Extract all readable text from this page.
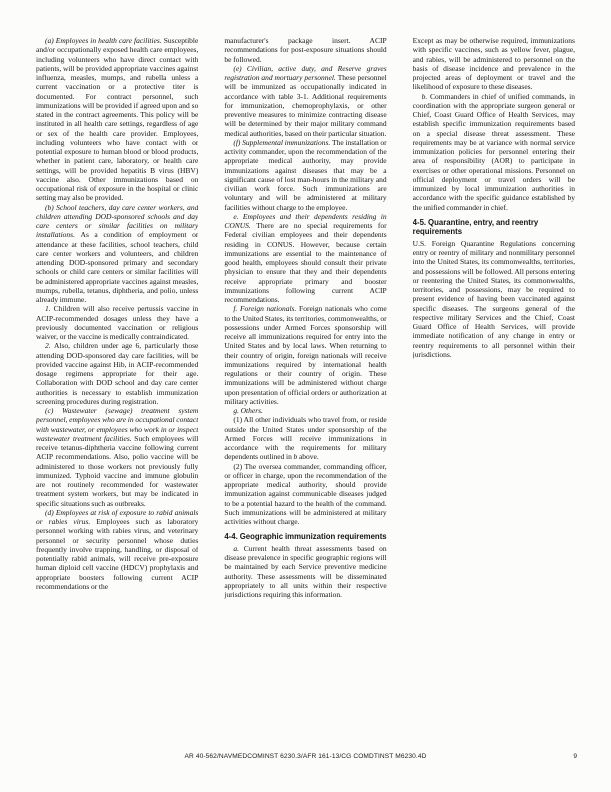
(a) Employees in health care facilities. Susceptible and/or occupationally exposed health care employees, including volunteers who have direct contact with patients, will be provided appropriate vaccines against influenza, measles, mumps, and rubella unless a current vaccination or a protective titer is documented. For contract personnel, such immunizations will be provided if agreed upon and so stated in the contract agreements. This policy will be instituted in all health care settings, regardless of age or sex of the health care provider. Employees, including volunteers who have contact with or potential exposure to human blood or blood products, whether in patient care, laboratory, or health care settings, will be provided hepatitis B virus (HBV) vaccine also. Other immunizations based on occupational risk of exposure in the hospital or clinic setting may also be provided.

(b) School teachers, day care center workers, and children attending DOD-sponsored schools and day care centers or similar facilities on military installations. As a condition of employment or attendance at these facilities, school teachers, child care center workers and volunteers, and children attending DOD-sponsored primary and secondary schools or child care centers or similar facilities will be administered appropriate vaccines against measles, mumps, rubella, tetanus, diphtheria, and polio, unless already immune.

1. Children will also receive pertussis vaccine in ACIP-recommended dosages unless they have a previously documented vaccination or religious waiver, or the vaccine is medically contraindicated.

2. Also, children under age 6, particularly those attending DOD-sponsored day care facilities, will be provided vaccine against Hib, in ACIP-recommended dosage regimens appropriate for their age. Collaboration with DOD school and day care center authorities is necessary to establish immunization screening procedures during registration.

(c) Wastewater (sewage) treatment system personnel, employees who are in occupational contact with wastewater, or employees who work in or inspect wastewater treatment facilities. Such employees will receive tetanus-diphtheria vaccine following current ACIP recommendations. Also, polio vaccine will be administered to those workers not previously fully immunized. Typhoid vaccine and immune globulin are not routinely recommended for wastewater treatment system workers, but may be indicated in specific situations such as outbreaks.

(d) Employees at risk of exposure to rabid animals or rabies virus. Employees such as laboratory personnel working with rabies virus, and veterinary personnel or security personnel whose duties frequently involve trapping, handling, or disposal of potentially rabid animals, will receive pre-exposure human diploid cell vaccine (HDCV) prophylaxis and appropriate boosters following current ACIP recommendations or the

manufacturer's package insert. ACIP recommendations for post-exposure situations should be followed.

(e) Civilian, active duty, and Reserve graves registration and mortuary personnel. These personnel will be immunized as occupationally indicated in accordance with table 3-1. Additional requirements for immunization, chemoprophylaxis, or other preventive measures to minimize contracting disease will be determined by their major military command medical authorities, based on their particular situation.

(f) Supplemental immunizations. The installation or activity commander, upon the recommendation of the appropriate medical authority, may provide immunizations against diseases that may be a significant cause of lost man-hours in the military and civilian work force. Such immunizations are voluntary and will be administered at military facilities without charge to the employee.

e. Employees and their dependents residing in CONUS. There are no special requirements for Federal civilian employees and their dependents residing in CONUS. However, because certain immunizations are essential to the maintenance of good health, employees should consult their private physician to ensure that they and their dependents receive appropriate primary and booster immunizations following current ACIP recommendations.

f. Foreign nationals. Foreign nationals who come to the United States, its territories, commonwealths, or possessions under Armed Forces sponsorship will receive all immunizations required for entry into the United States and by local laws. When returning to their country of origin, foreign nationals will receive immunizations required by international health regulations or their country of origin. These immunizations will be administered without charge upon presentation of official orders or authorization at military activities.

g. Others.

(1) All other individuals who travel from, or reside outside the United States under sponsorship of the Armed Forces will receive immunizations in accordance with the requirements for military dependents outlined in b above.

(2) The oversea commander, commanding officer, or officer in charge, upon the recommendation of the appropriate medical authority, should provide immunization against communicable diseases judged to be a potential hazard to the health of the command. Such immunizations will be administered at military activities without charge.

4-4. Geographic immunization requirements

a. Current health threat assessments based on disease prevalence in specific geographic regions will be maintained by each Service preventive medicine authority. These assessments will be disseminated appropriately to all units within their respective jurisdictions requiring this information.

Except as may be otherwise required, immunizations with specific vaccines, such as yellow fever, plague, and rabies, will be administered to personnel on the basis of disease incidence and prevalence in the projected areas of deployment or travel and the likelihood of exposure to these diseases.

b. Commanders in chief of unified commands, in coordination with the appropriate surgeon general or Chief, Coast Guard Office of Health Services, may establish specific immunization requirements based on a special disease threat assessment. These requirements may be at variance with normal service immunization policies for personnel entering their area of responsibility (AOR) to participate in exercises or other operational missions. Personnel on official deployment or travel orders will be immunized by local immunization authorities in accordance with the specific guidance established by the unified commander in chief.

4-5. Quarantine, entry, and reentry requirements

U.S. Foreign Quarantine Regulations concerning entry or reentry of military and nonmilitary personnel into the United States, its commonwealths, territories, and possessions will be followed. All persons entering or reentering the United States, its commonwealths, territories, and possessions, may be required to present evidence of having been vaccinated against specific diseases. The surgeons general of the respective military Services and the Chief, Coast Guard Office of Health Services, will provide immediate notification of any change in entry or reentry requirements to all personnel within their jurisdictions.

AR 40-562/NAVMEDCOMINST 6230.3/AFR 161-13/CG COMDTINST M6230.4D	9
